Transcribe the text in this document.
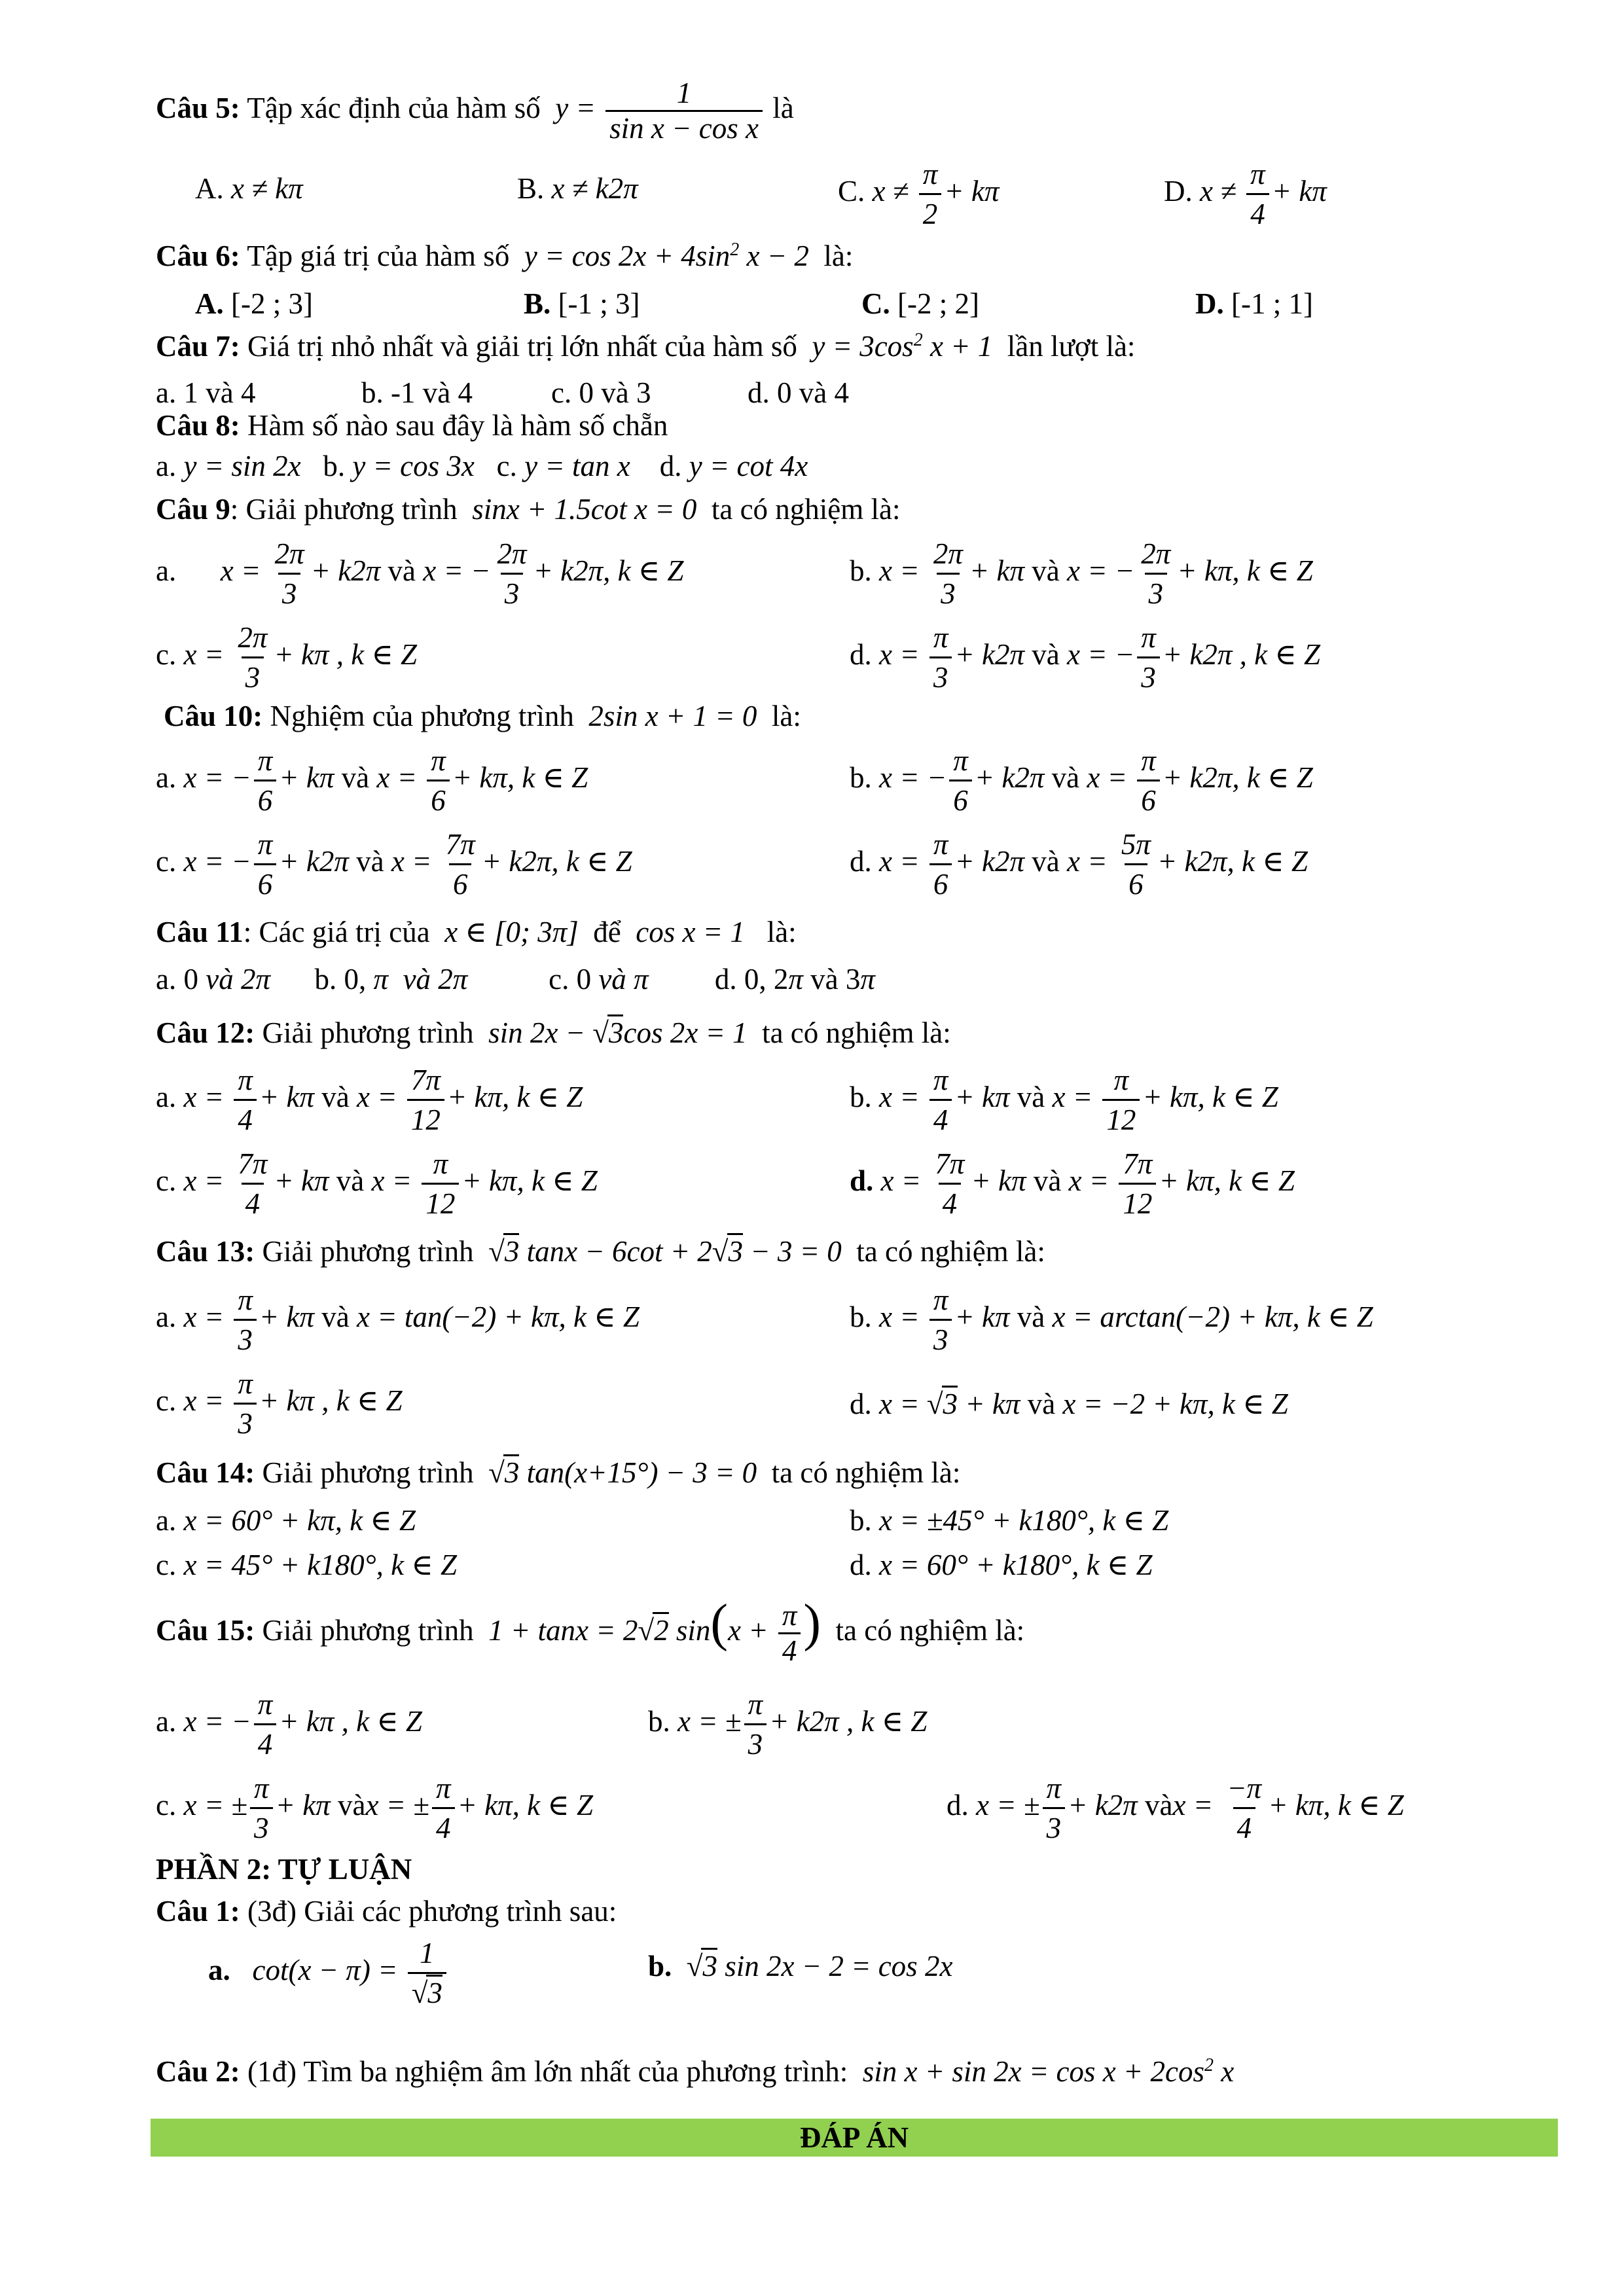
Câu 5: Tập xác định của hàm số  $y = \frac{1}{\text{sin x − cos x}}$ là
A. x ≠ kπ	B. x ≠ k2π	C. $x \ne \frac{\pi}{2} + k\pi$	D. $x \ne \frac{\pi}{4} + k\pi$
Câu 6: Tập giá trị của hàm số  $y = \cos 2x + 4\sin^2$ x − 2 là:
A. [-2 ; 3]	B. [-1 ; 3]	C. [-2 ; 2]	D. [-1 ; 1]
Câu 7: Giá trị nhỏ nhất và giải trị lớn nhất của hàm số  $y = 3\cos^2$ x + 1 lần lượt là:
a. 1 và 4	b. -1 và 4	c. 0 và 3	d. 0 và 4
Câu 8: Hàm số nào sau đây là hàm số chẵn
a. y = sin 2x   b. y = cos 3x   c. y = tan x    d. y = cot 4x
Câu 9: Giải phương trình  sinx + 1.5cot x = 0 ta có nghiệm là:
a.      $x = \frac{2\pi}{3} + k2\pi$ và x = − $\frac{2\pi}{3} + k2\pi$, k ∈ Z	b. $x = \frac{2\pi}{3} + k\pi$ và x = − $\frac{2\pi}{3} + k\pi$, k ∈ Z
c. $x = \frac{2\pi}{3} + k\pi$ , k ∈ Z	d. $x = \frac{\pi}{3} + k2\pi$ và x = − $\frac{\pi}{3} + k2\pi$ , k ∈ Z
Câu 10: Nghiệm của phương trình  2sin x + 1 = 0 là:
a. x = − $\frac{\pi}{6} + k\pi$ và $x = \frac{\pi}{6} + k\pi$, k ∈ Z	b. x = − $\frac{\pi}{6} + k2\pi$ và $x = \frac{\pi}{6} + k2\pi$, k ∈ Z
c. x = − $\frac{\pi}{6} + k2\pi$ và $x = \frac{7\pi}{6} + k2\pi$, k ∈ Z	d. $x = \frac{\pi}{6} + k2\pi$ và $x = \frac{5\pi}{6} + k2\pi$, k ∈ Z
Câu 11: Các giá trị của  x ∈ [0; 3π] để  cos x = 1 là:
a. 0 và 2π      b. 0, π và 2π           c. 0 và π         d. 0, 2π và 3π
Câu 12: Giải phương trình  sin 2x − √3cos 2x = 1 ta có nghiệm là:
a. $x = \frac{\pi}{4} + k\pi$ và $x = \frac{7\pi}{12} + k\pi$, k ∈ Z	b. $x = \frac{\pi}{4} + k\pi$ và $x = \frac{\pi}{12} + k\pi$, k ∈ Z
c. $x = \frac{7\pi}{4} + k\pi$ và $x = \frac{\pi}{12} + k\pi$, k ∈ Z	d. $x = \frac{7\pi}{4} + k\pi$ và $x = \frac{7\pi}{12} + k\pi$, k ∈ Z
Câu 13: Giải phương trình  √3 tanx − 6cot + 2√3 − 3 = 0 ta có nghiệm là:
a. $x = \frac{\pi}{3} + k\pi$ và x = tan(−2) + kπ, k ∈ Z	b. $x = \frac{\pi}{3} + k\pi$ và x = arctan(−2) + kπ, k ∈ Z
c. $x = \frac{\pi}{3} + k\pi$ , k ∈ Z	d. x = √3 + kπ và x = −2 + kπ, k ∈ Z
Câu 14: Giải phương trình  √3 tan(x+15°) − 3 = 0 ta có nghiệm là:
a. x = 60° + kπ, k ∈ Z	b. x = ±45° + k180°, k ∈ Z
c. x = 45° + k180°, k ∈ Z	d. x = 60° + k180°, k ∈ Z
Câu 15: Giải phương trình  1 + tanx = 2√2 $\sin(x + \frac{\pi}{4}$ ) ta có nghiệm là:
a. x = − $\frac{\pi}{4} + k\pi$ , k ∈ Z	b. x = ± $\frac{\pi}{3} + k2\pi$ , k ∈ Z
c. x = ± $\frac{\pi}{3} + k\pi$ vàx = ± $\frac{\pi}{4} + k\pi$, k ∈ Z	d. x = ± $\frac{\pi}{3} + k2\pi$ vàx = $\frac{-\pi}{4} + k\pi$, k ∈ Z
PHẦN 2: TỰ LUẬN
Câu 1: (3đ) Giải các phương trình sau:
a. $\cot(x - \pi) = \frac{1}{√3}$	b. √3 sin 2x − 2 = cos 2x
Câu 2: (1đ) Tìm ba nghiệm âm lớn nhất của phương trình:  $\sin x + \sin 2x = \cos x + 2\cos^2$ x
ĐÁP ÁN
